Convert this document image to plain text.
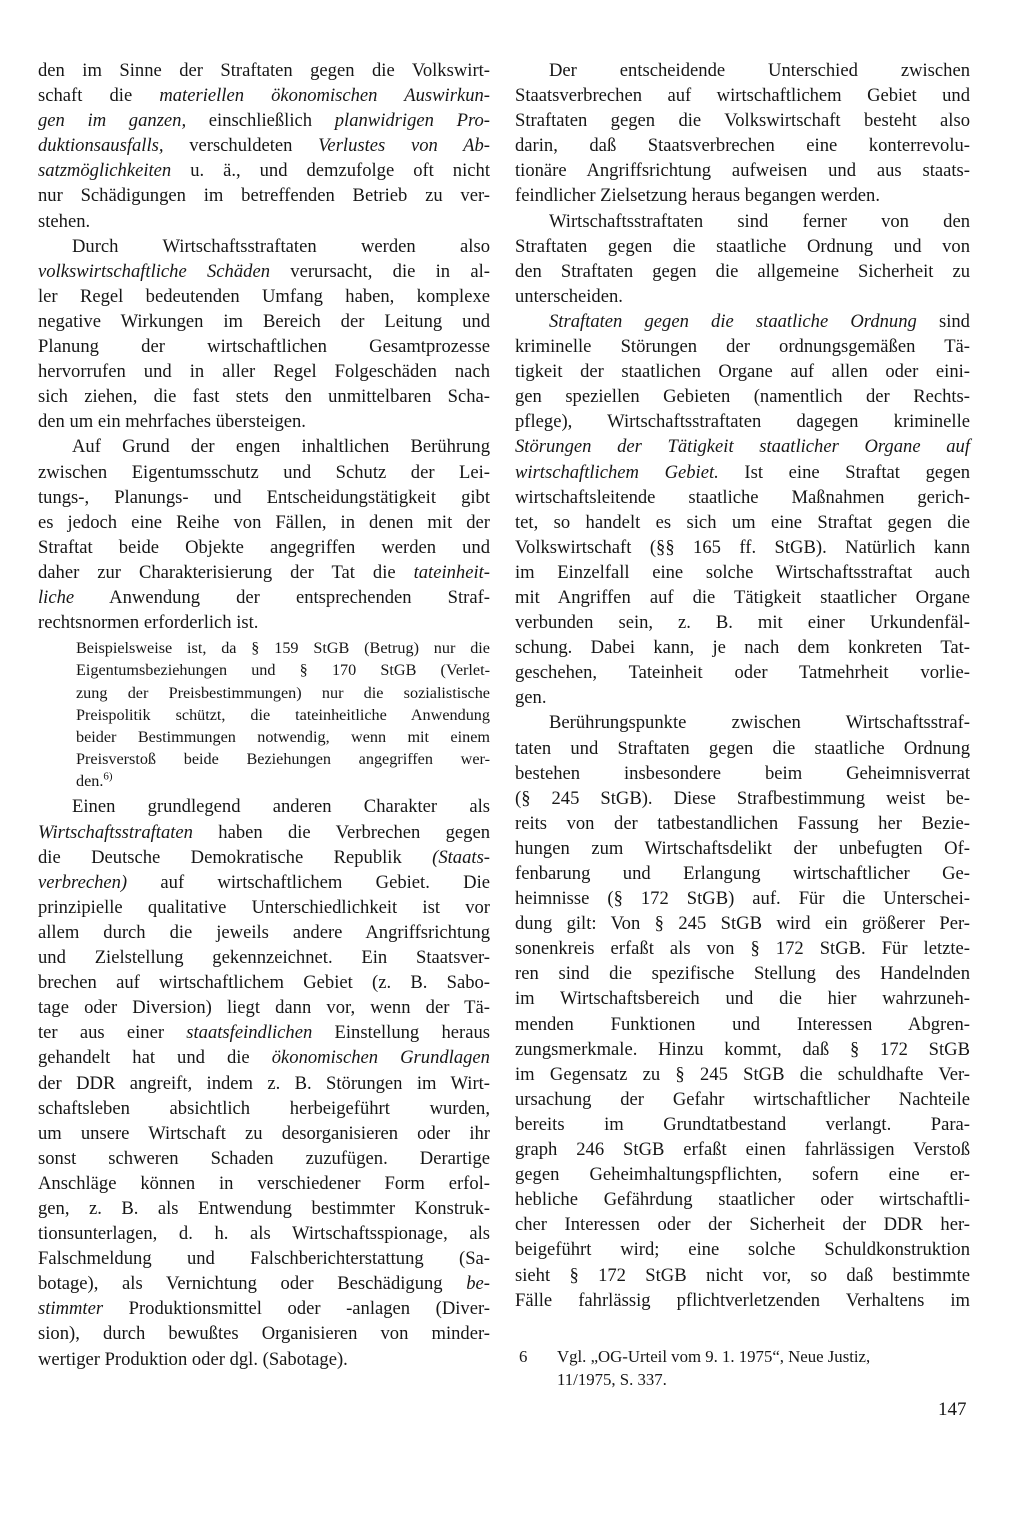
den im Sinne der Straftaten gegen die Volkswirt-
schaft die materiellen ökonomischen Auswirkun-
gen im ganzen, einschließlich planwidrigen Pro-
duktionsausfalls, verschuldeten Verlustes von Ab-
satzmöglichkeiten u. ä., und demzufolge oft nicht
nur Schädigungen im betreffenden Betrieb zu ver-
stehen.
Durch Wirtschaftsstraftaten werden also
volkswirtschaftliche Schäden verursacht, die in al-
ler Regel bedeutenden Umfang haben, komplexe
negative Wirkungen im Bereich der Leitung und
Planung der wirtschaftlichen Gesamtprozesse
hervorrufen und in aller Regel Folgeschäden nach
sich ziehen, die fast stets den unmittelbaren Scha-
den um ein mehrfaches übersteigen.
Auf Grund der engen inhaltlichen Berührung
zwischen Eigentumsschutz und Schutz der Lei-
tungs-, Planungs- und Entscheidungstätigkeit gibt
es jedoch eine Reihe von Fällen, in denen mit der
Straftat beide Objekte angegriffen werden und
daher zur Charakterisierung der Tat die tateinheit-
liche Anwendung der entsprechenden Straf-
rechtsnormen erforderlich ist.
Beispielsweise ist, da § 159 StGB (Betrug) nur die
Eigentumsbeziehungen und § 170 StGB (Verlet-
zung der Preisbestimmungen) nur die sozialistische
Preispolitik schützt, die tateinheitliche Anwendung
beider Bestimmungen notwendig, wenn mit einem
Preisverstoß beide Beziehungen angegriffen wer-
den.$^{6)}$
Einen grundlegend anderen Charakter als
Wirtschaftsstraftaten haben die Verbrechen gegen
die Deutsche Demokratische Republik (Staats-
verbrechen) auf wirtschaftlichem Gebiet. Die
prinzipielle qualitative Unterschiedlichkeit ist vor
allem durch die jeweils andere Angriffsrichtung
und Zielstellung gekennzeichnet. Ein Staatsver-
brechen auf wirtschaftlichem Gebiet (z. B. Sabo-
tage oder Diversion) liegt dann vor, wenn der Tä-
ter aus einer staatsfeindlichen Einstellung heraus
gehandelt hat und die ökonomischen Grundlagen
der DDR angreift, indem z. B. Störungen im Wirt-
schaftsleben absichtlich herbeigeführt wurden,
um unsere Wirtschaft zu desorganisieren oder ihr
sonst schweren Schaden zuzufügen. Derartige
Anschläge können in verschiedener Form erfol-
gen, z. B. als Entwendung bestimmter Konstruk-
tionsunterlagen, d. h. als Wirtschaftsspionage, als
Falschmeldung und Falschberichterstattung (Sa-
botage), als Vernichtung oder Beschädigung be-
stimmter Produktionsmittel oder -anlagen (Diver-
sion), durch bewußtes Organisieren von minder-
wertiger Produktion oder dgl. (Sabotage).
Der entscheidende Unterschied zwischen
Staatsverbrechen auf wirtschaftlichem Gebiet und
Straftaten gegen die Volkswirtschaft besteht also
darin, daß Staatsverbrechen eine konterrevolu-
tionäre Angriffsrichtung aufweisen und aus staats-
feindlicher Zielsetzung heraus begangen werden.
Wirtschaftsstraftaten sind ferner von den
Straftaten gegen die staatliche Ordnung und von
den Straftaten gegen die allgemeine Sicherheit zu
unterscheiden.
Straftaten gegen die staatliche Ordnung sind
kriminelle Störungen der ordnungsgemäßen Tä-
tigkeit der staatlichen Organe auf allen oder eini-
gen speziellen Gebieten (namentlich der Rechts-
pflege), Wirtschaftsstraftaten dagegen kriminelle
Störungen der Tätigkeit staatlicher Organe auf
wirtschaftlichem Gebiet. Ist eine Straftat gegen
wirtschaftsleitende staatliche Maßnahmen gerich-
tet, so handelt es sich um eine Straftat gegen die
Volkswirtschaft (§§ 165 ff. StGB). Natürlich kann
im Einzelfall eine solche Wirtschaftsstraftat auch
mit Angriffen auf die Tätigkeit staatlicher Organe
verbunden sein, z. B. mit einer Urkundenfäl-
schung. Dabei kann, je nach dem konkreten Tat-
geschehen, Tateinheit oder Tatmehrheit vorlie-
gen.
Berührungspunkte zwischen Wirtschaftsstraf-
taten und Straftaten gegen die staatliche Ordnung
bestehen insbesondere beim Geheimnisverrat
(§ 245 StGB). Diese Strafbestimmung weist be-
reits von der tatbestandlichen Fassung her Bezie-
hungen zum Wirtschaftsdelikt der unbefugten Of-
fenbarung und Erlangung wirtschaftlicher Ge-
heimnisse (§ 172 StGB) auf. Für die Unterschei-
dung gilt: Von § 245 StGB wird ein größerer Per-
sonenkreis erfaßt als von § 172 StGB. Für letzte-
ren sind die spezifische Stellung des Handelnden
im Wirtschaftsbereich und die hier wahrzuneh-
menden Funktionen und Interessen Abgren-
zungsmerkmale. Hinzu kommt, daß § 172 StGB
im Gegensatz zu § 245 StGB die schuldhafte Ver-
ursachung der Gefahr wirtschaftlicher Nachteile
bereits im Grundtatbestand verlangt. Para-
graph 246 StGB erfaßt einen fahrlässigen Verstoß
gegen Geheimhaltungspflichten, sofern eine er-
hebliche Gefährdung staatlicher oder wirtschaftli-
cher Interessen oder der Sicherheit der DDR her-
beigeführt wird; eine solche Schuldkonstruktion
sieht § 172 StGB nicht vor, so daß bestimmte
Fälle fahrlässig pflichtverletzenden Verhaltens im
6 Vgl. „OG-Urteil vom 9. 1. 1975“, Neue Justiz,
11/1975, S. 337.
147
